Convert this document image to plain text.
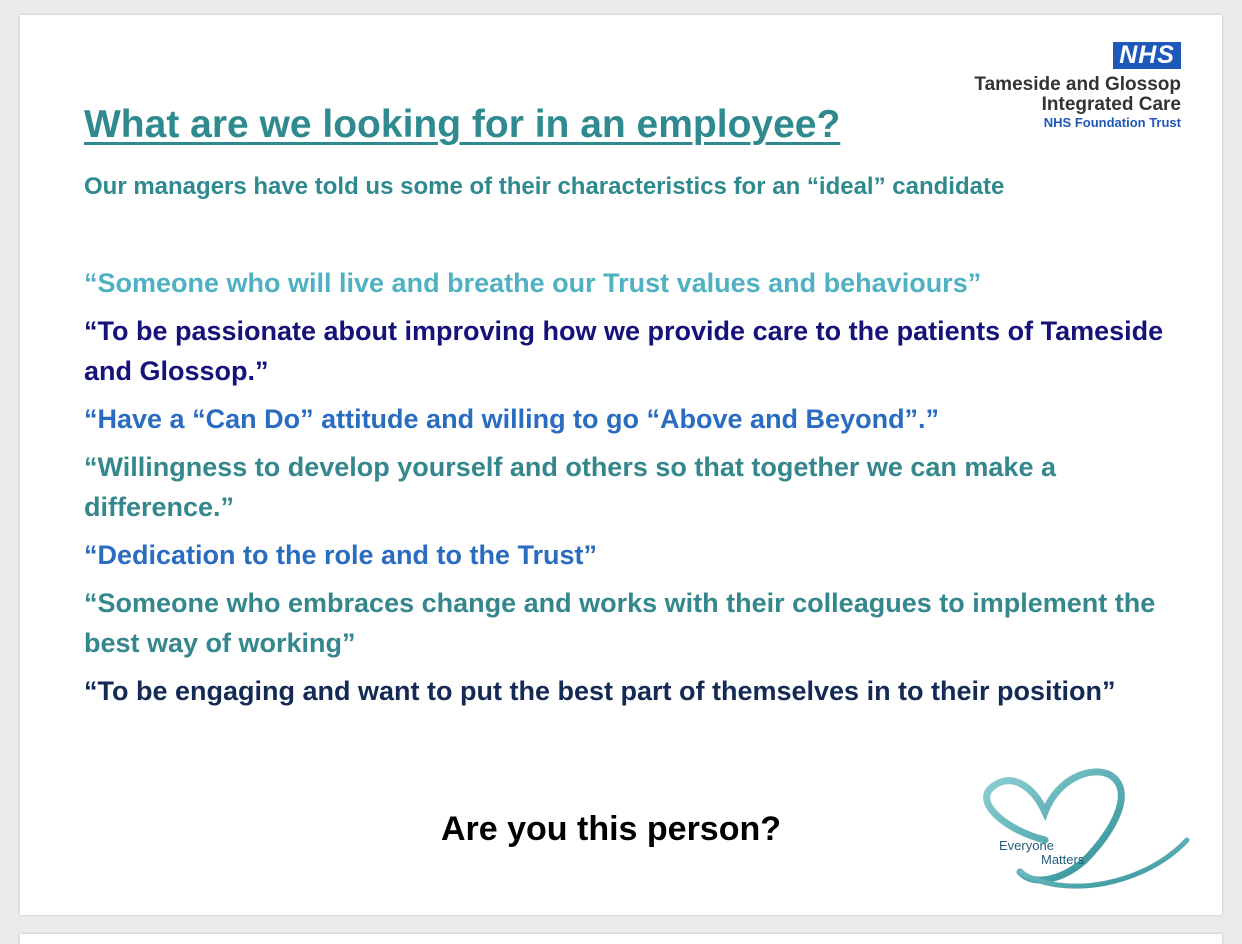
NHS
Tameside and Glossop
Integrated Care
NHS Foundation Trust
What are we looking for in an employee?

Our managers have told us some of their characteristics for an “ideal” candidate

“Someone who will live and breathe our Trust values and behaviours”
“To be passionate about improving how we provide care to the patients of Tameside and Glossop.”
“Have a “Can Do” attitude and willing to go “Above and Beyond”.”
“Willingness to develop yourself and others so that together we can make a difference.”
“Dedication to the role and to the Trust”
“Someone who embraces change and works with their colleagues to implement the best way of working”
“To be engaging and want to put the best part of themselves in to their position”

Are you this person?	Everyone
Matters
